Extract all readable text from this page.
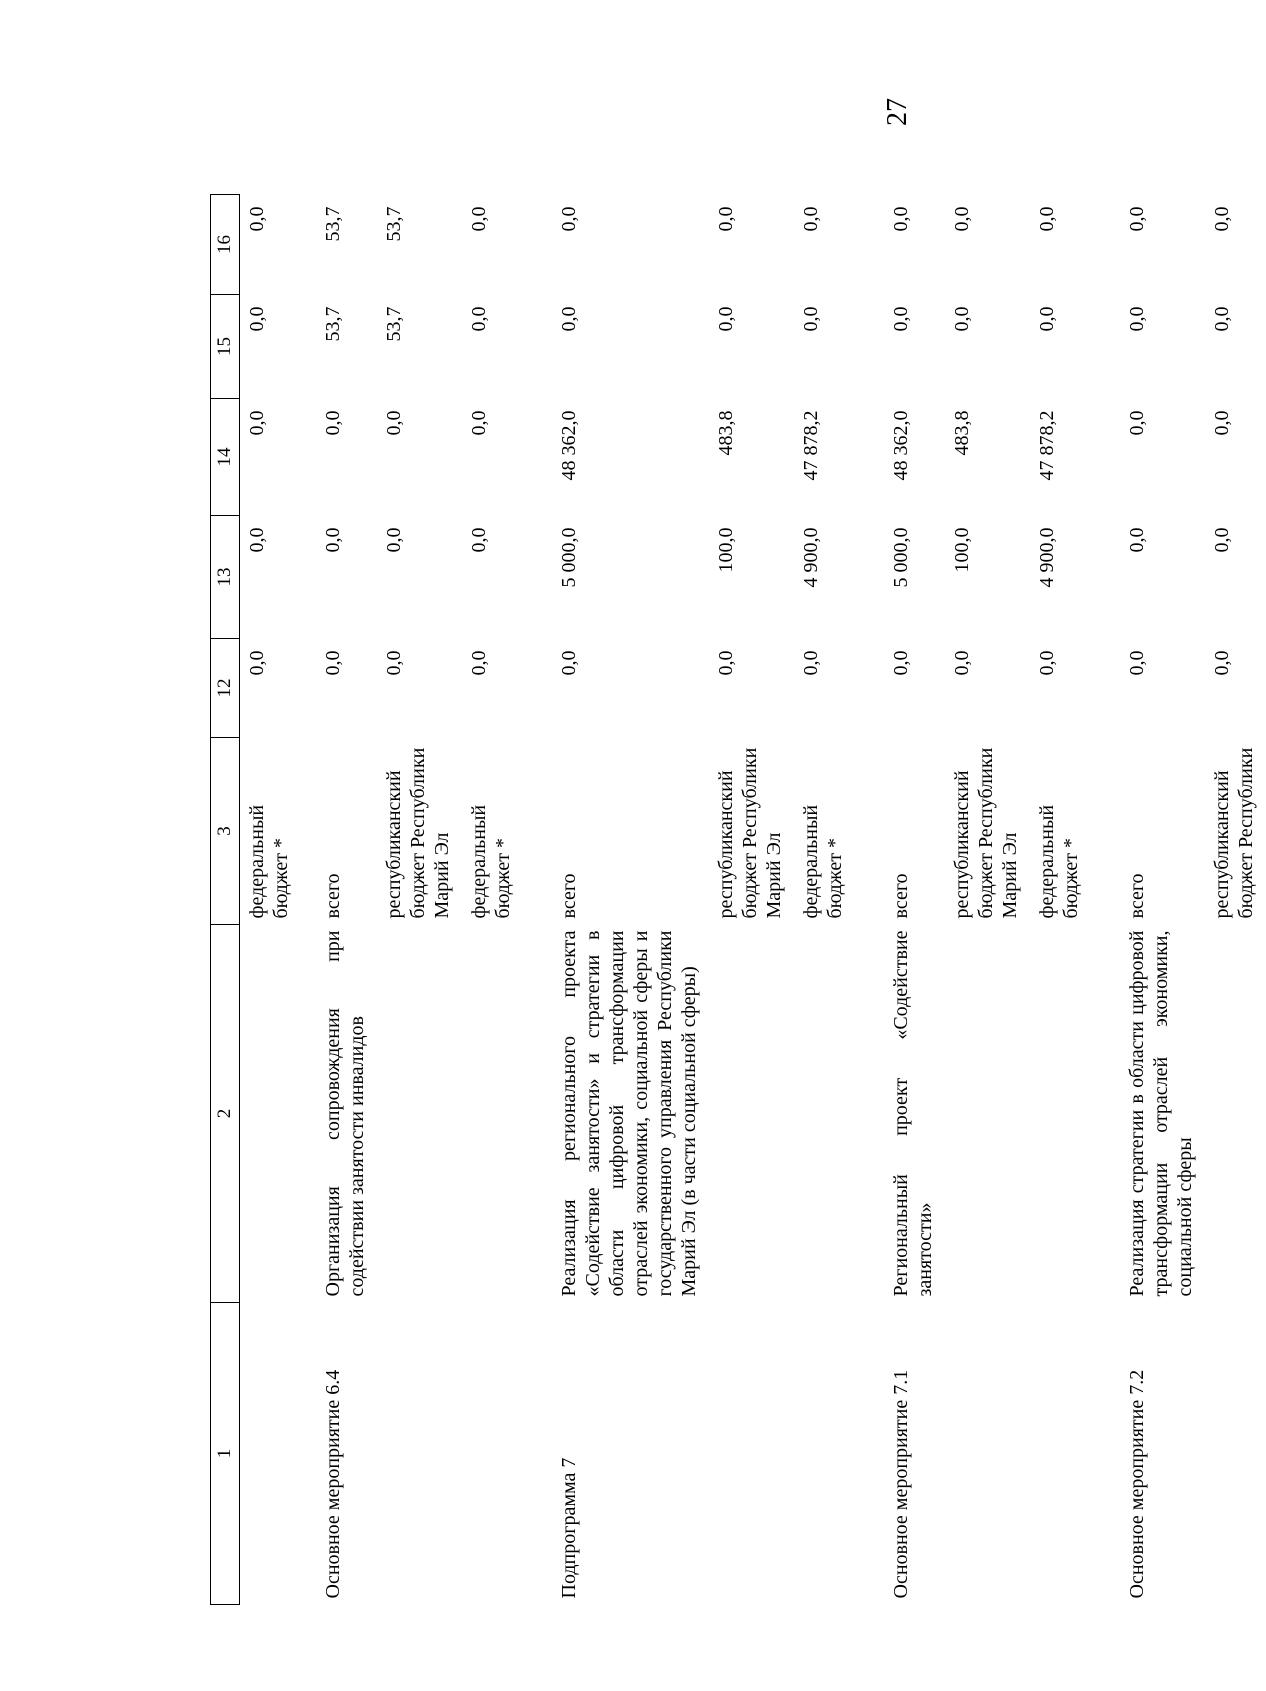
27
1	2	3	12	13	14	15	16
		федеральный бюджет *	0,0	0,0	0,0	0,0	0,0
Основное мероприятие 6.4	Организация сопровождения при содействии занятости инвалидов	всего	0,0	0,0	0,0	53,7	53,7
		республиканский бюджет Республики Марий Эл	0,0	0,0	0,0	53,7	53,7
		федеральный бюджет *	0,0	0,0	0,0	0,0	0,0
Подпрограмма 7	Реализация регионального проекта «Содействие занятости» и стратегии в области цифровой трансформации отраслей экономики, социальной сферы и государственного управления Республики Марий Эл (в части социальной сферы)	всего	0,0	5 000,0	48 362,0	0,0	0,0
		республиканский бюджет Республики Марий Эл	0,0	100,0	483,8	0,0	0,0
		федеральный бюджет *	0,0	4 900,0	47 878,2	0,0	0,0
Основное мероприятие 7.1	Региональный проект «Содействие занятости»	всего	0,0	5 000,0	48 362,0	0,0	0,0
		республиканский бюджет Республики Марий Эл	0,0	100,0	483,8	0,0	0,0
		федеральный бюджет *	0,0	4 900,0	47 878,2	0,0	0,0
Основное мероприятие 7.2	Реализация стратегии в области цифровой трансформации отраслей экономики, социальной сферы	всего	0,0	0,0	0,0	0,0	0,0
		республиканский бюджет Республики	0,0	0,0	0,0	0,0	0,0
